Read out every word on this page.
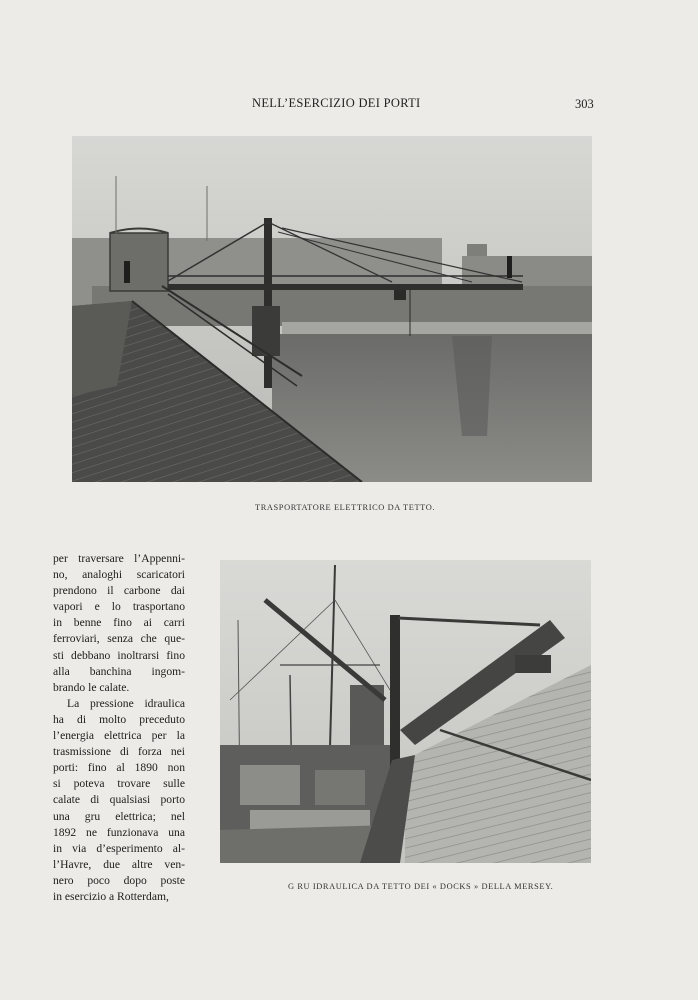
NELL’ESERCIZIO DEI PORTI	303
TRASPORTATORE ELETTRICO DA TETTO.
per traversare l’Appenni-
no, analoghi scaricatori
prendono il carbone dai
vapori e lo trasportano
in benne fino ai carri
ferroviari, senza che que-
sti debbano inoltrarsi fino
alla banchina ingom-
brando le calate.
La pressione idraulica
ha di molto preceduto
l’energia elettrica per la
trasmissione di forza nei
porti: fino al 1890 non
si poteva trovare sulle
calate di qualsiasi porto
una gru elettrica; nel
1892 ne funzionava una
in via d’esperimento al-
l’Havre, due altre ven-
nero poco dopo poste
in esercizio a Rotterdam,
G RU IDRAULICA DA TETTO DEI « DOCKS » DELLA MERSEY.
